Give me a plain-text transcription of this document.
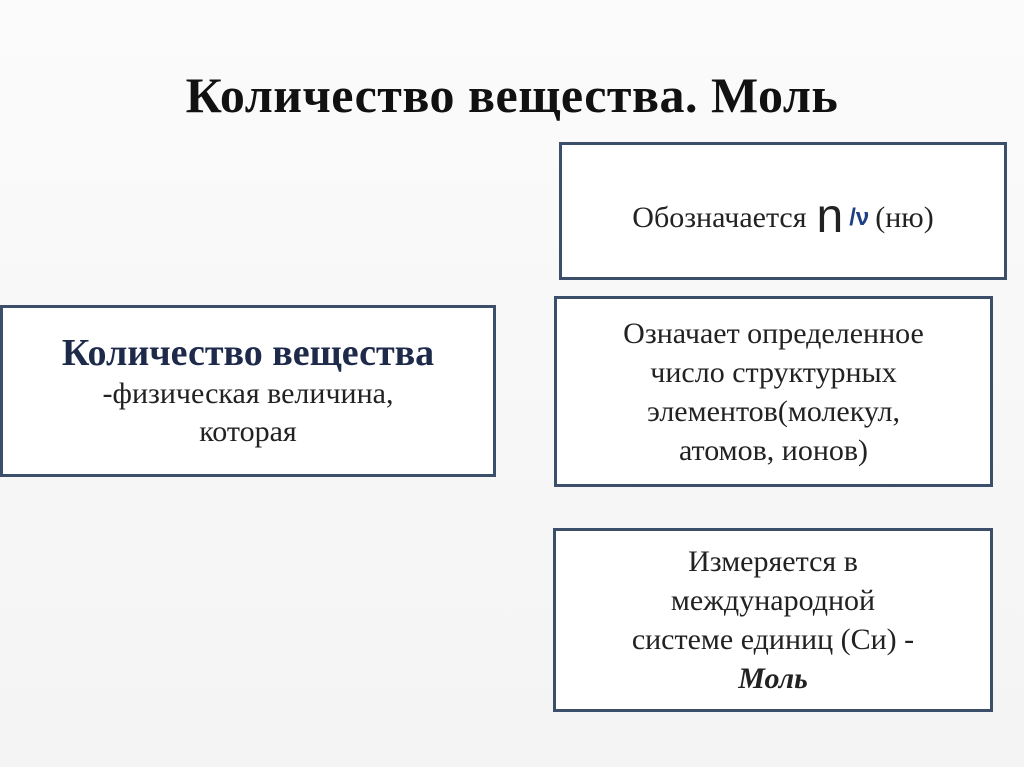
Количество вещества. Моль
Обозначается n /ν (ню)
Количество вещества
-физическая величина,
которая
Означает определенное
число структурных
элементов(молекул,
атомов, ионов)
Измеряется в
международной
системе единиц (Си) -
Моль
